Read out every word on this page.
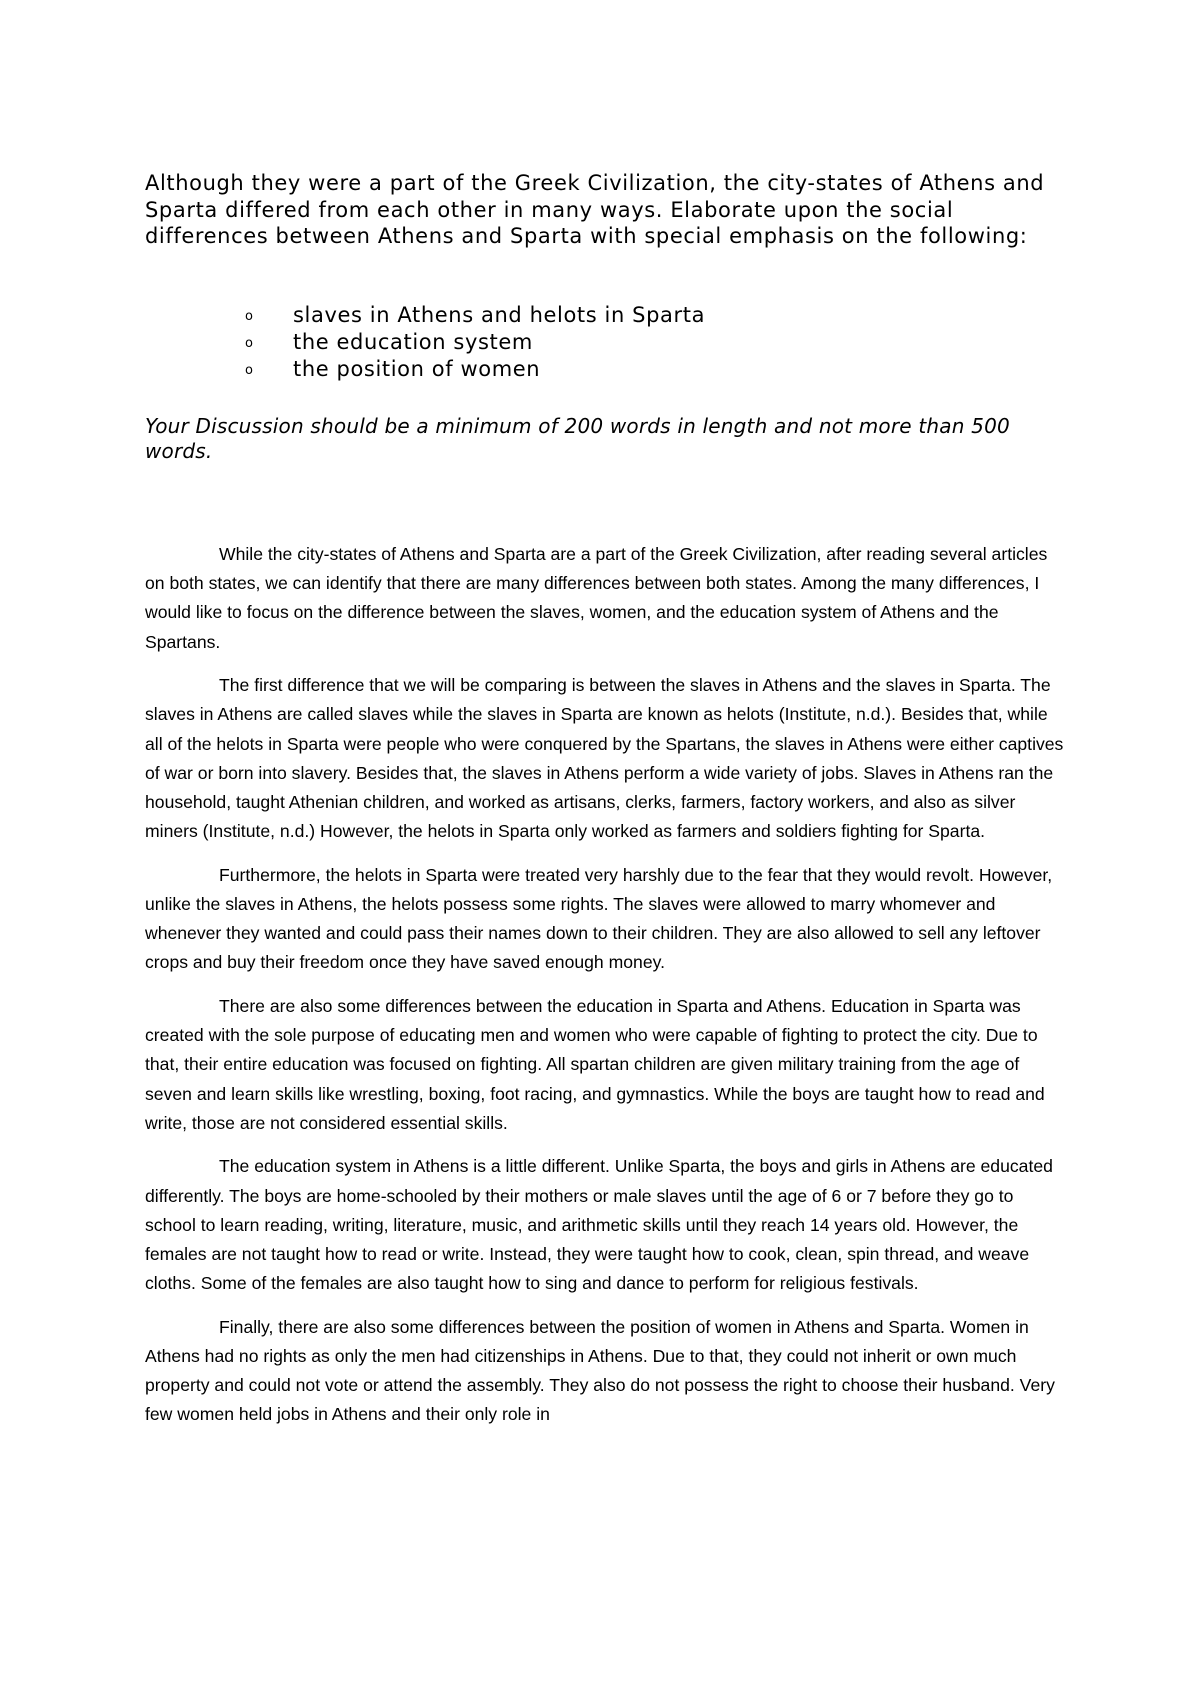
Although they were a part of the Greek Civilization, the city-states of Athens and Sparta differed from each other in many ways. Elaborate upon the social differences between Athens and Sparta with special emphasis on the following:

o slaves in Athens and helots in Sparta
o the education system
o the position of women

Your Discussion should be a minimum of 200 words in length and not more than 500 words.

While the city-states of Athens and Sparta are a part of the Greek Civilization, after reading several articles on both states, we can identify that there are many differences between both states. Among the many differences, I would like to focus on the difference between the slaves, women, and the education system of Athens and the Spartans.

The first difference that we will be comparing is between the slaves in Athens and the slaves in Sparta. The slaves in Athens are called slaves while the slaves in Sparta are known as helots (Institute, n.d.). Besides that, while all of the helots in Sparta were people who were conquered by the Spartans, the slaves in Athens were either captives of war or born into slavery. Besides that, the slaves in Athens perform a wide variety of jobs. Slaves in Athens ran the household, taught Athenian children, and worked as artisans, clerks, farmers, factory workers, and also as silver miners (Institute, n.d.) However, the helots in Sparta only worked as farmers and soldiers fighting for Sparta.

Furthermore, the helots in Sparta were treated very harshly due to the fear that they would revolt. However, unlike the slaves in Athens, the helots possess some rights. The slaves were allowed to marry whomever and whenever they wanted and could pass their names down to their children. They are also allowed to sell any leftover crops and buy their freedom once they have saved enough money.

There are also some differences between the education in Sparta and Athens. Education in Sparta was created with the sole purpose of educating men and women who were capable of fighting to protect the city. Due to that, their entire education was focused on fighting. All spartan children are given military training from the age of seven and learn skills like wrestling, boxing, foot racing, and gymnastics. While the boys are taught how to read and write, those are not considered essential skills.

The education system in Athens is a little different. Unlike Sparta, the boys and girls in Athens are educated differently. The boys are home-schooled by their mothers or male slaves until the age of 6 or 7 before they go to school to learn reading, writing, literature, music, and arithmetic skills until they reach 14 years old. However, the females are not taught how to read or write. Instead, they were taught how to cook, clean, spin thread, and weave cloths. Some of the females are also taught how to sing and dance to perform for religious festivals.

Finally, there are also some differences between the position of women in Athens and Sparta. Women in Athens had no rights as only the men had citizenships in Athens. Due to that, they could not inherit or own much property and could not vote or attend the assembly. They also do not possess the right to choose their husband. Very few women held jobs in Athens and their only role in
